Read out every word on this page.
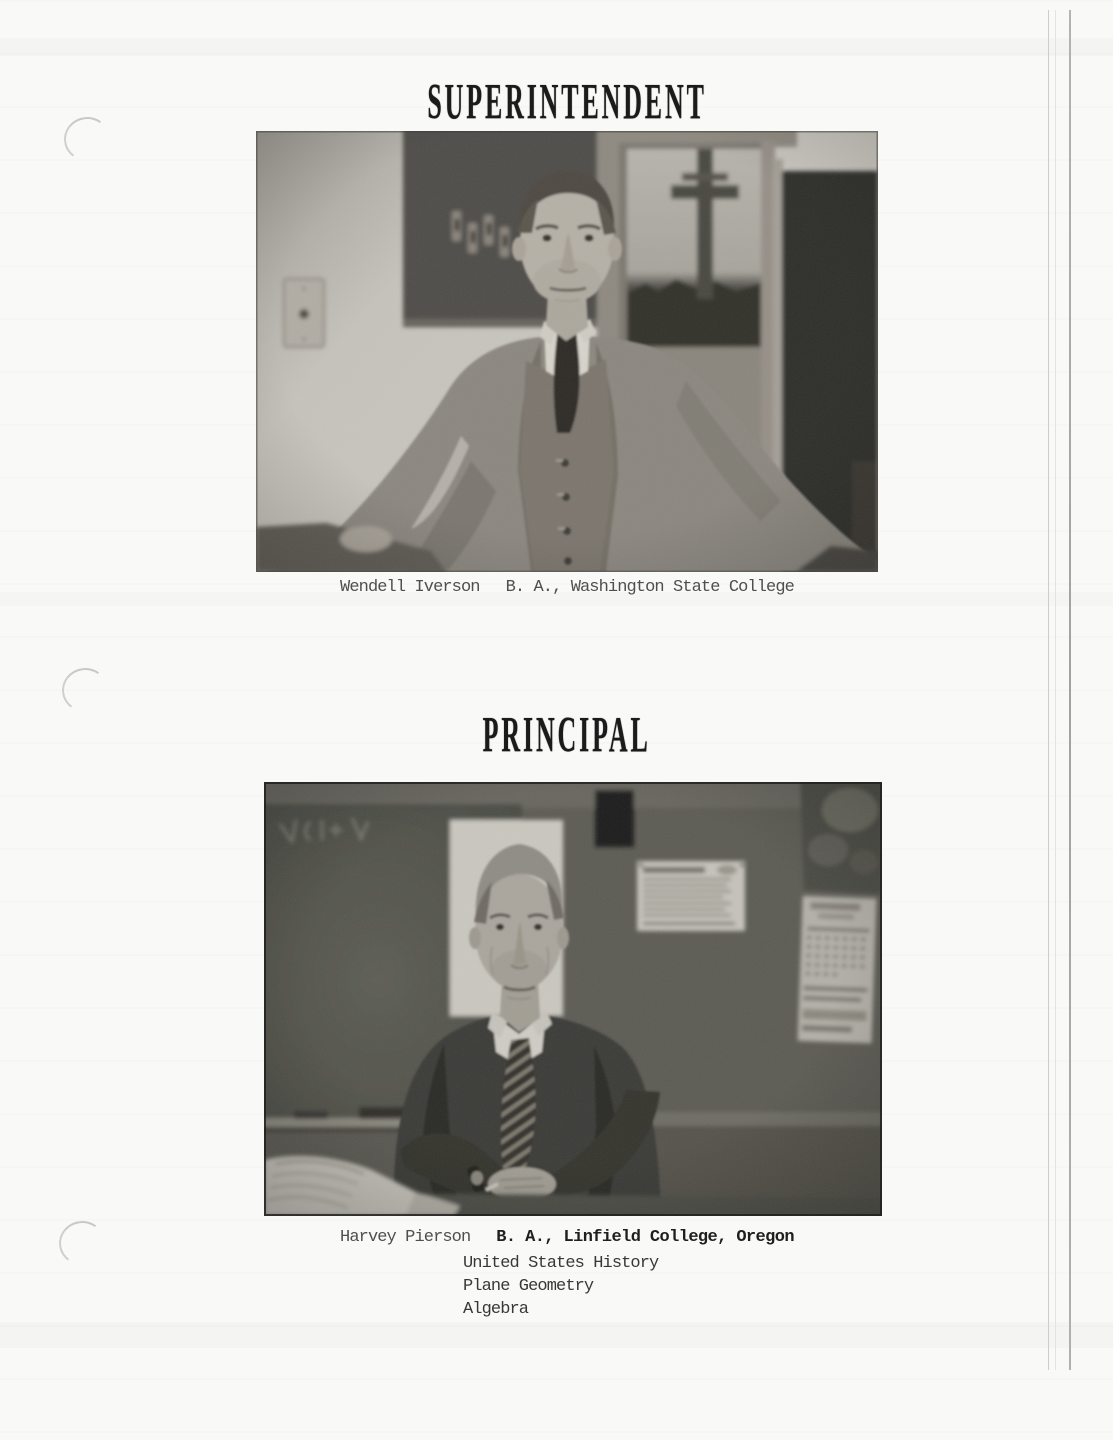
SUPERINTENDENT
Wendell Iverson B. A., Washington State College
PRINCIPAL
Harvey Pierson B. A., Linfield College, Oregon
United States History
Plane Geometry
Algebra
